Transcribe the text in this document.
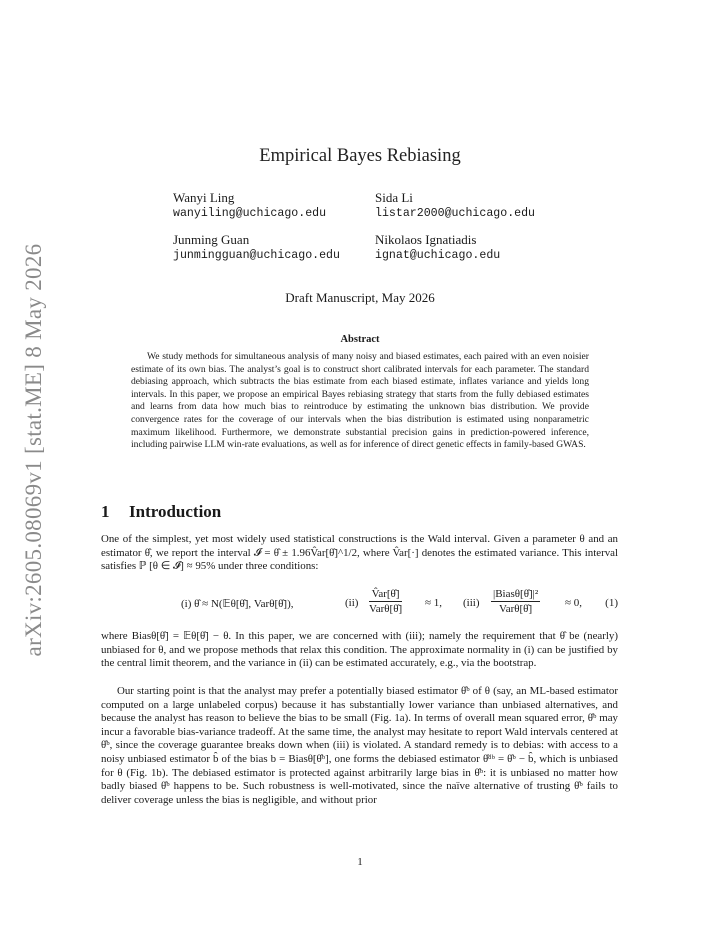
arXiv:2605.08069v1 [stat.ME] 8 May 2026
Empirical Bayes Rebiasing
Wanyi Ling
wanyiling@uchicago.edu
Sida Li
listar2000@uchicago.edu
Junming Guan
junmingguan@uchicago.edu
Nikolaos Ignatiadis
ignat@uchicago.edu
Draft Manuscript, May 2026
Abstract

We study methods for simultaneous analysis of many noisy and biased estimates, each paired with an even noisier estimate of its own bias. The analyst’s goal is to construct short calibrated intervals for each parameter. The standard debiasing approach, which subtracts the bias estimate from each biased estimate, inflates variance and yields long intervals. In this paper, we propose an empirical Bayes rebiasing strategy that starts from the fully debiased estimates and learns from data how much bias to reintroduce by estimating the unknown bias distribution. We provide convergence rates for the coverage of our intervals when the bias distribution is estimated using nonparametric maximum likelihood. Furthermore, we demonstrate substantial precision gains in prediction-powered inference, including pairwise LLM win-rate evaluations, as well as for inference of direct genetic effects in family-based GWAS.

1 Introduction

One of the simplest, yet most widely used statistical constructions is the Wald interval. Given a parameter θ and an estimator θ̂, we report the interval 𝓘 = θ̂ ± 1.96V̂ar[θ̂]^1/2, where V̂ar[·] denotes the estimated variance. This interval satisfies ℙ [θ ∈ 𝓘] ≈ 95% under three conditions:

(i) θ̂ ≈ N(𝔼θ[θ̂], Varθ[θ̂]),	(ii)
V̂ar[θ̂]
Varθ[θ̂] ≈ 1, (iii)
|Biasθ[θ̂]|²
Varθ[θ̂]	≈ 0, (1)

where Biasθ[θ̂] = 𝔼θ[θ̂] − θ. In this paper, we are concerned with (iii); namely the requirement that θ̂ be (nearly) unbiased for θ, and we propose methods that relax this condition. The approximate normality in (i) can be justified by the central limit theorem, and the variance in (ii) can be estimated accurately, e.g., via the bootstrap.

Our starting point is that the analyst may prefer a potentially biased estimator θ̂ᵇ of θ (say, an ML-based estimator computed on a large unlabeled corpus) because it has substantially lower variance than unbiased alternatives, and because the analyst has reason to believe the bias to be small (Fig. 1a). In terms of overall mean squared error, θ̂ᵇ may incur a favorable bias-variance tradeoff. At the same time, the analyst may hesitate to report Wald intervals centered at θ̂ᵇ, since the coverage guarantee breaks down when (iii) is violated. A standard remedy is to debias: with access to a noisy unbiased estimator b̂ of the bias b = Biasθ[θ̂ᵇ], one forms the debiased estimator θ̂ᵈᵇ = θ̂ᵇ − b̂, which is unbiased for θ (Fig. 1b). The debiased estimator is protected against arbitrarily large bias in θ̂ᵇ: it is unbiased no matter how badly biased θ̂ᵇ happens to be. Such robustness is well-motivated, since the naïve alternative of trusting θ̂ᵇ fails to deliver coverage unless the bias is negligible, and without prior

1
